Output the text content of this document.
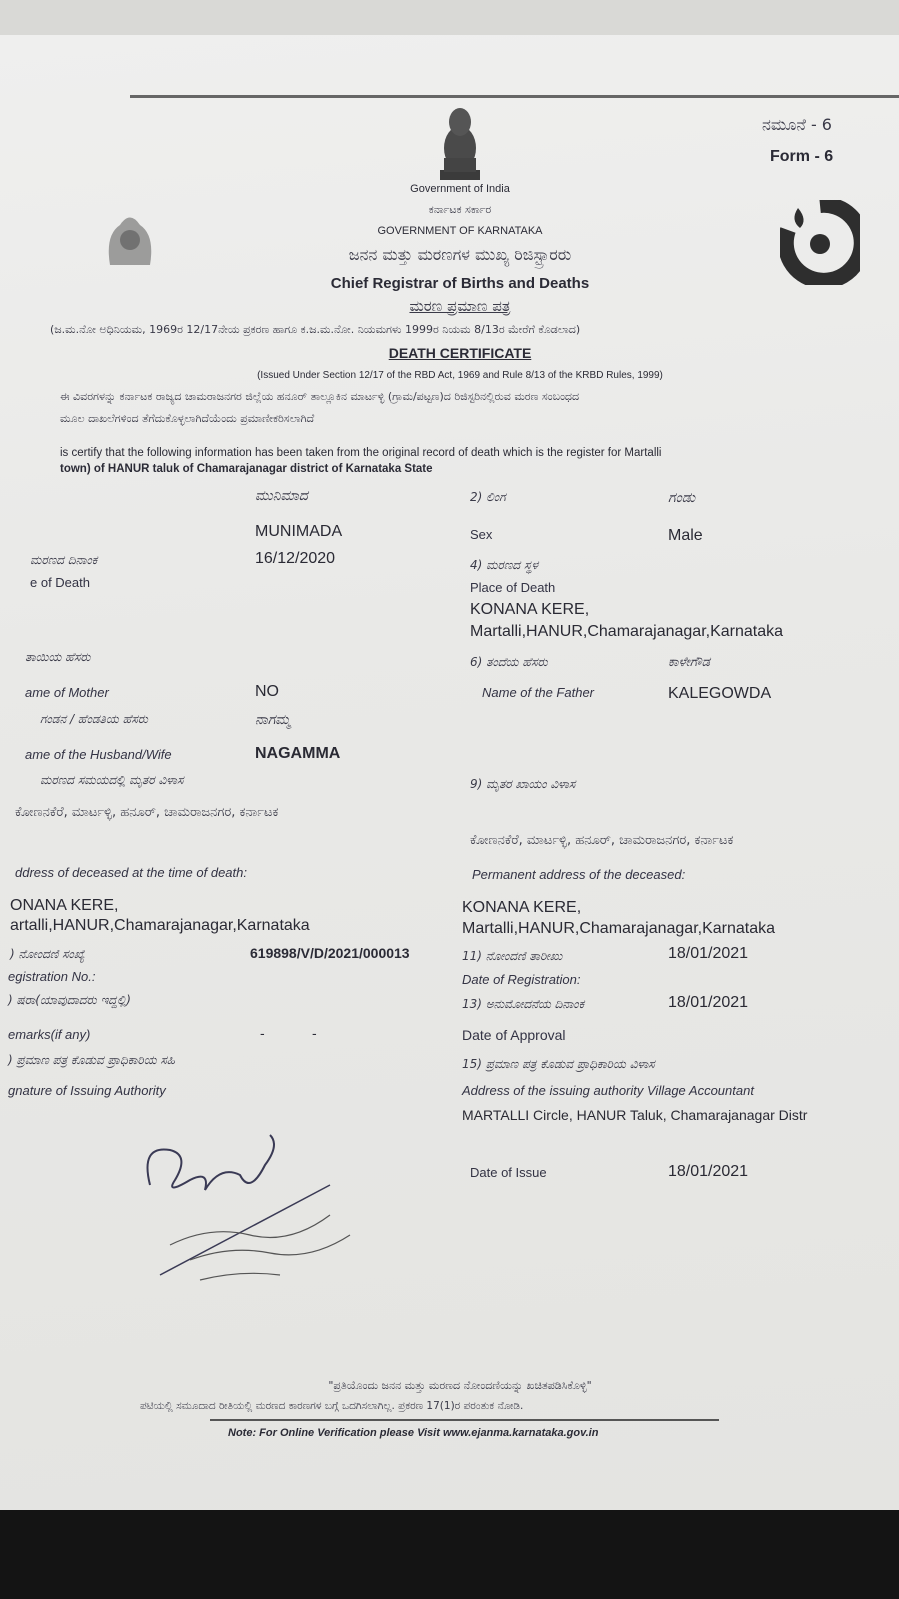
ನಮೂನೆ - 6
Form - 6
Government of India
ಕರ್ನಾಟಕ ಸರ್ಕಾರ
GOVERNMENT OF KARNATAKA
ಜನನ ಮತ್ತು ಮರಣಗಳ ಮುಖ್ಯ ರಿಜಿಸ್ಟ್ರಾರರು
Chief Registrar of Births and Deaths
ಮರಣ ಪ್ರಮಾಣ ಪತ್ರ
(ಜ.ಮ.ನೋ ಅಧಿನಿಯಮ, 1969ರ 12/17ನೇಯ ಪ್ರಕರಣ ಹಾಗೂ ಕ.ಜ.ಮ.ನೋ. ನಿಯಮಗಳು 1999ರ ನಿಯಮ 8/13ರ ಮೇರೆಗೆ ಕೊಡಲಾದ)
DEATH CERTIFICATE
(Issued Under Section 12/17 of the RBD Act, 1969 and Rule 8/13 of the KRBD Rules, 1999)
ಈ ವಿವರಗಳನ್ನು ಕರ್ನಾಟಕ ರಾಜ್ಯದ ಚಾಮರಾಜನಗರ ಜಿಲ್ಲೆಯ ಹನೂರ್ ತಾಲ್ಲೂಕಿನ ಮಾರ್ಟಳ್ಳಿ (ಗ್ರಾಮ/ಪಟ್ಟಣ)ದ ರಿಜಿಸ್ಟರಿನಲ್ಲಿರುವ ಮರಣ ಸಂಬಂಧದ
ಮೂಲ ದಾಖಲೆಗಳಿಂದ ತೆಗೆದುಕೊಳ್ಳಲಾಗಿದೆಯೆಂದು ಪ್ರಮಾಣೀಕರಿಸಲಾಗಿದೆ
is certify that the following information has been taken from the original record of death which is the register for Martalli
town) of HANUR taluk of Chamarajanagar district of Karnataka State
ಮುನಿಮಾದ	2) ಲಿಂಗ	ಗಂಡು
MUNIMADA	Sex	Male
ಮರಣದ ದಿನಾಂಕ	16/12/2020	4) ಮರಣದ ಸ್ಥಳ
e of Death	Place of Death
KONANA KERE,
Martalli,HANUR,Chamarajanagar,Karnataka
ತಾಯಿಯ ಹೆಸರು	6) ತಂದೆಯ ಹೆಸರು	ಕಾಳೇಗೌಡ
ame of Mother	NO	Name of the Father	KALEGOWDA
ಗಂಡನ / ಹೆಂಡತಿಯ ಹೆಸರು	ನಾಗಮ್ಮ
ame of the Husband/Wife	NAGAMMA
ಮರಣದ ಸಮಯದಲ್ಲಿ ಮೃತರ ವಿಳಾಸ	9) ಮೃತರ ಖಾಯಂ ವಿಳಾಸ
ಕೋಣನಕೆರೆ, ಮಾರ್ಟಳ್ಳಿ, ಹನೂರ್, ಚಾಮರಾಜನಗರ, ಕರ್ನಾಟಕ
ಕೋಣನಕೆರೆ, ಮಾರ್ಟಳ್ಳಿ, ಹನೂರ್, ಚಾಮರಾಜನಗರ, ಕರ್ನಾಟಕ
ddress of deceased at the time of death:	Permanent address of the deceased:
ONANA KERE,
artalli,HANUR,Chamarajanagar,Karnataka
KONANA KERE,
Martalli,HANUR,Chamarajanagar,Karnataka
) ನೋಂದಣಿ ಸಂಖ್ಯೆ	619898/V/D/2021/000013	11) ನೋಂದಣಿ ತಾರೀಖು	18/01/2021
egistration No.:	Date of Registration:
) ಷರಾ(ಯಾವುದಾದರು ಇದ್ದಲ್ಲಿ)	13) ಅನುಮೋದನೆಯ ದಿನಾಂಕ	18/01/2021
emarks(if any)	-	-	Date of Approval
) ಪ್ರಮಾಣ ಪತ್ರ ಕೊಡುವ ಪ್ರಾಧಿಕಾರಿಯ ಸಹಿ	15) ಪ್ರಮಾಣ ಪತ್ರ ಕೊಡುವ ಪ್ರಾಧಿಕಾರಿಯ ವಿಳಾಸ
gnature of Issuing Authority	Address of the issuing authority Village Accountant
MARTALLI Circle, HANUR Taluk, Chamarajanagar Distr
Date of Issue	18/01/2021
"ಪ್ರತಿಯೊಂದು ಜನನ ಮತ್ತು ಮರಣದ ನೋಂದಣಿಯನ್ನು ಖಚಿತಪಡಿಸಿಕೊಳ್ಳಿ"
ಪಟಿಯಲ್ಲಿ ಸಮೂದಾದ ರೀತಿಯಲ್ಲಿ ಮರಣದ ಕಾರಣಗಳ ಬಗ್ಗೆ ಒದಗಿಸಲಾಗಿಲ್ಲ. ಪ್ರಕರಣ 17(1)ರ ಪರಂತುಕ ನೋಡಿ.
Note: For Online Verification please Visit www.ejanma.karnataka.gov.in
